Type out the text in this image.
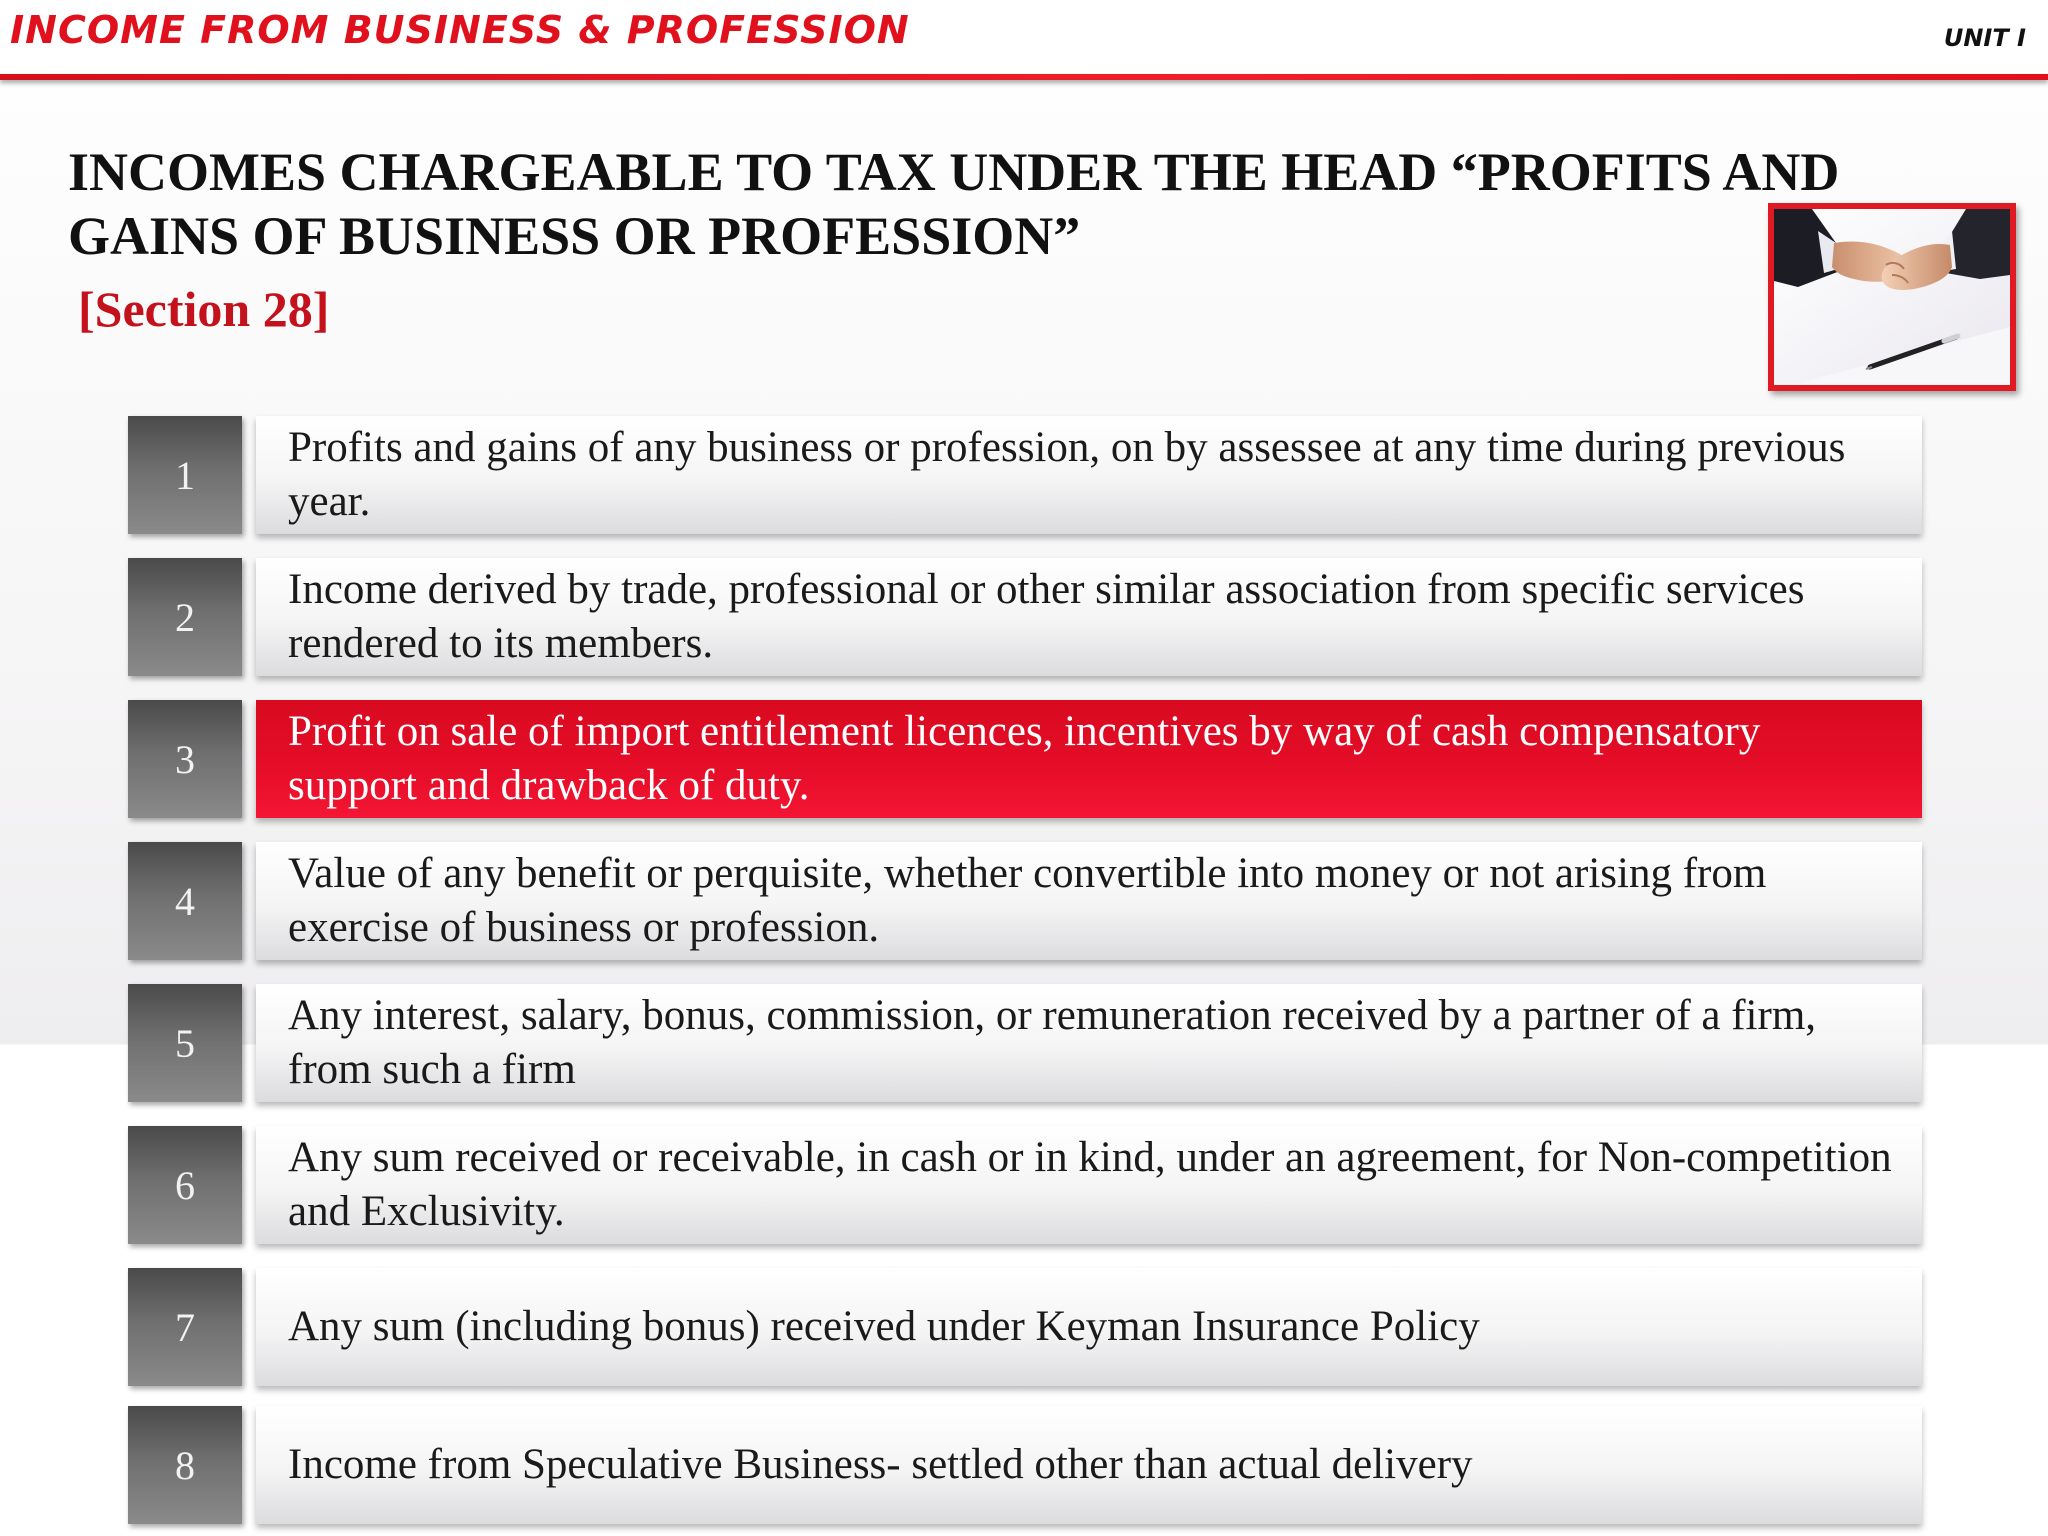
INCOME FROM BUSINESS & PROFESSION	UNIT I
INCOMES CHARGEABLE TO TAX UNDER THE HEAD “PROFITS AND GAINS OF BUSINESS OR PROFESSION”
[Section 28]
1
Profits and gains of any business or profession, on by assessee at any time during previous year.
2
Income derived by trade, professional or other similar association from specific services rendered to its members.
3
Profit on sale of import entitlement licences, incentives by way of cash compensatory support and drawback of duty.
4
Value of any benefit or perquisite, whether convertible into money or not arising from exercise of business or profession.
5
Any interest, salary, bonus, commission, or remuneration received by a partner of a firm, from such a firm
6
Any sum received or receivable, in cash or in kind, under an agreement, for Non-competition and Exclusivity.
7	Any sum (including bonus) received under Keyman Insurance Policy
8	Income from Speculative Business- settled other than actual delivery
